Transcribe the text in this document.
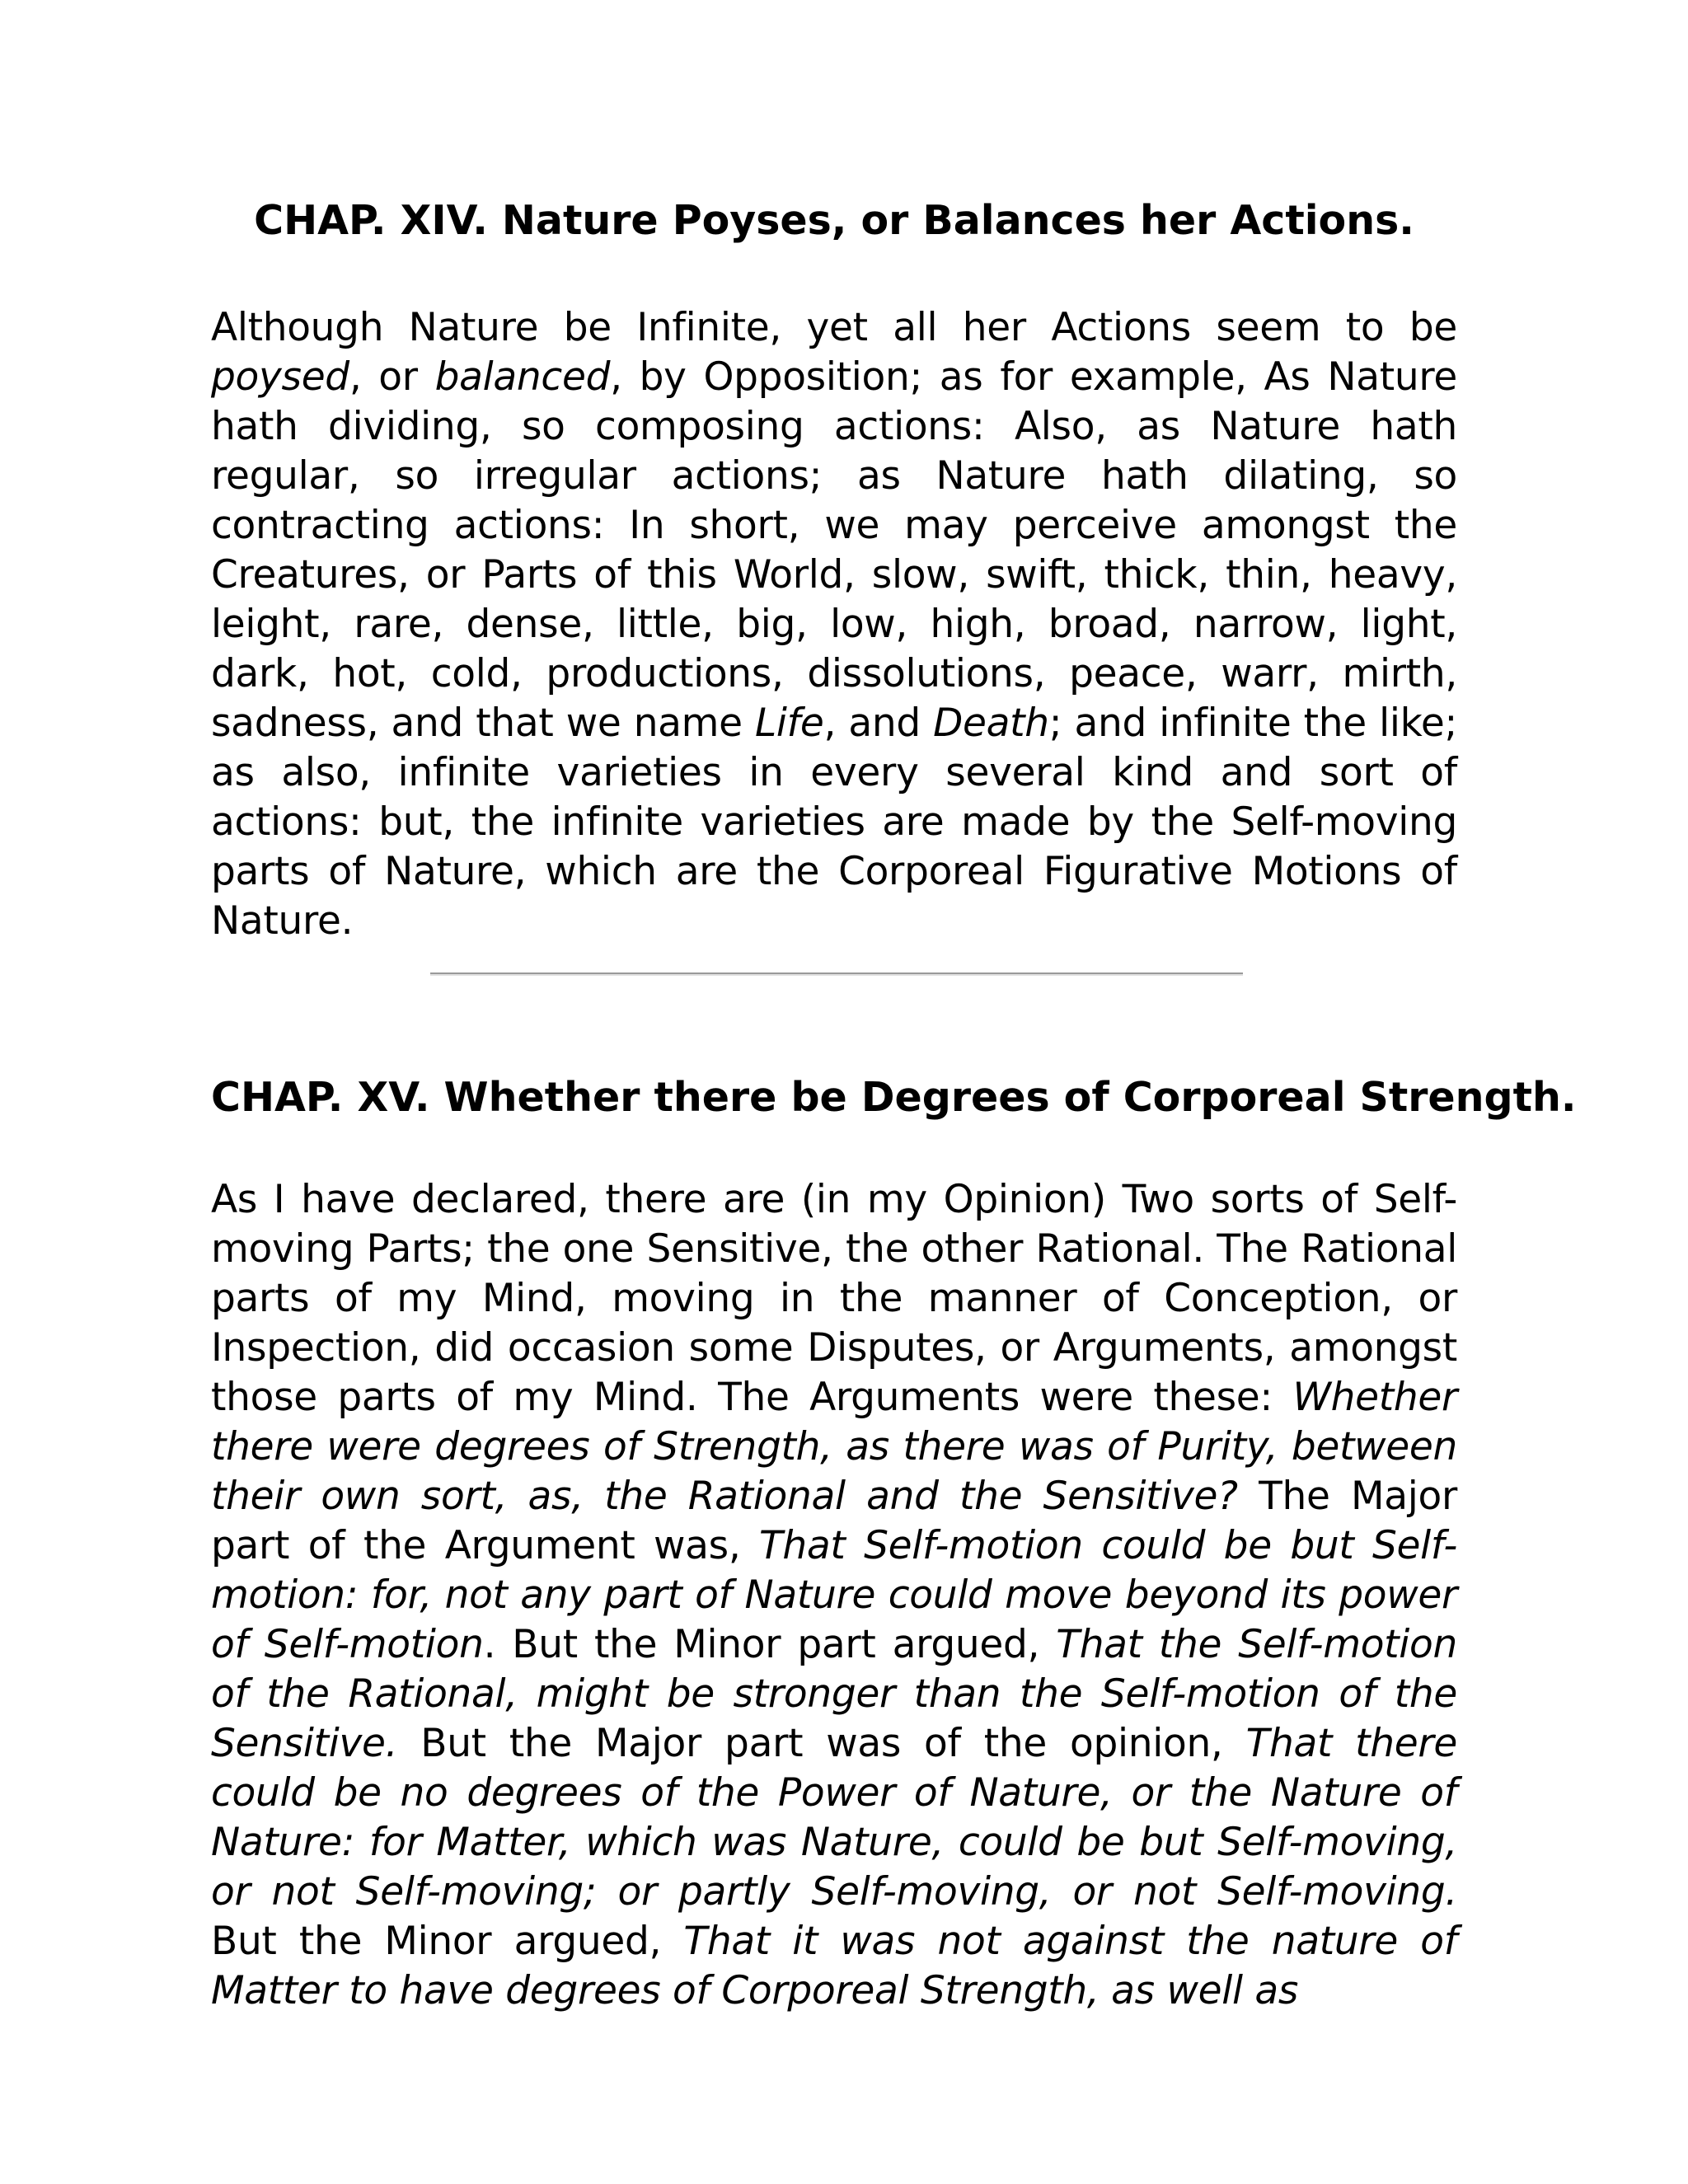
CHAP. XIV. Nature Poyses, or Balances her Actions.

Although Nature be Infinite, yet all her Actions seem to be poysed, or balanced, by Opposition; as for example, As Nature hath dividing, so composing actions: Also, as Nature hath regular, so irregular actions; as Nature hath dilating, so contracting actions: In short, we may perceive amongst the Creatures, or Parts of this World, slow, swift, thick, thin, heavy, leight, rare, dense, little, big, low, high, broad, narrow, light, dark, hot, cold, productions, dissolutions, peace, warr, mirth, sadness, and that we name Life, and Death; and infinite the like; as also, infinite varieties in every several kind and sort of actions: but, the infinite varieties are made by the Self-moving parts of Nature, which are the Corporeal Figurative Motions of Nature.

CHAP. XV. Whether there be Degrees of Corporeal Strength.

As I have declared, there are (in my Opinion) Two sorts of Self-moving Parts; the one Sensitive, the other Rational. The Rational parts of my Mind, moving in the manner of Conception, or Inspection, did occasion some Disputes, or Arguments, amongst those parts of my Mind. The Arguments were these: Whether there were degrees of Strength, as there was of Purity, between their own sort, as, the Rational and the Sensitive? The Major part of the Argument was, That Self-motion could be but Self-motion: for, not any part of Nature could move beyond its power of Self-motion. But the Minor part argued, That the Self-motion of the Rational, might be stronger than the Self-motion of the Sensitive. But the Major part was of the opinion, That there could be no degrees of the Power of Nature, or the Nature of Nature: for Matter, which was Nature, could be but Self-moving, or not Self-moving; or partly Self-moving, or not Self-moving. But the Minor argued, That it was not against the nature of Matter to have degrees of Corporeal Strength, as well as
